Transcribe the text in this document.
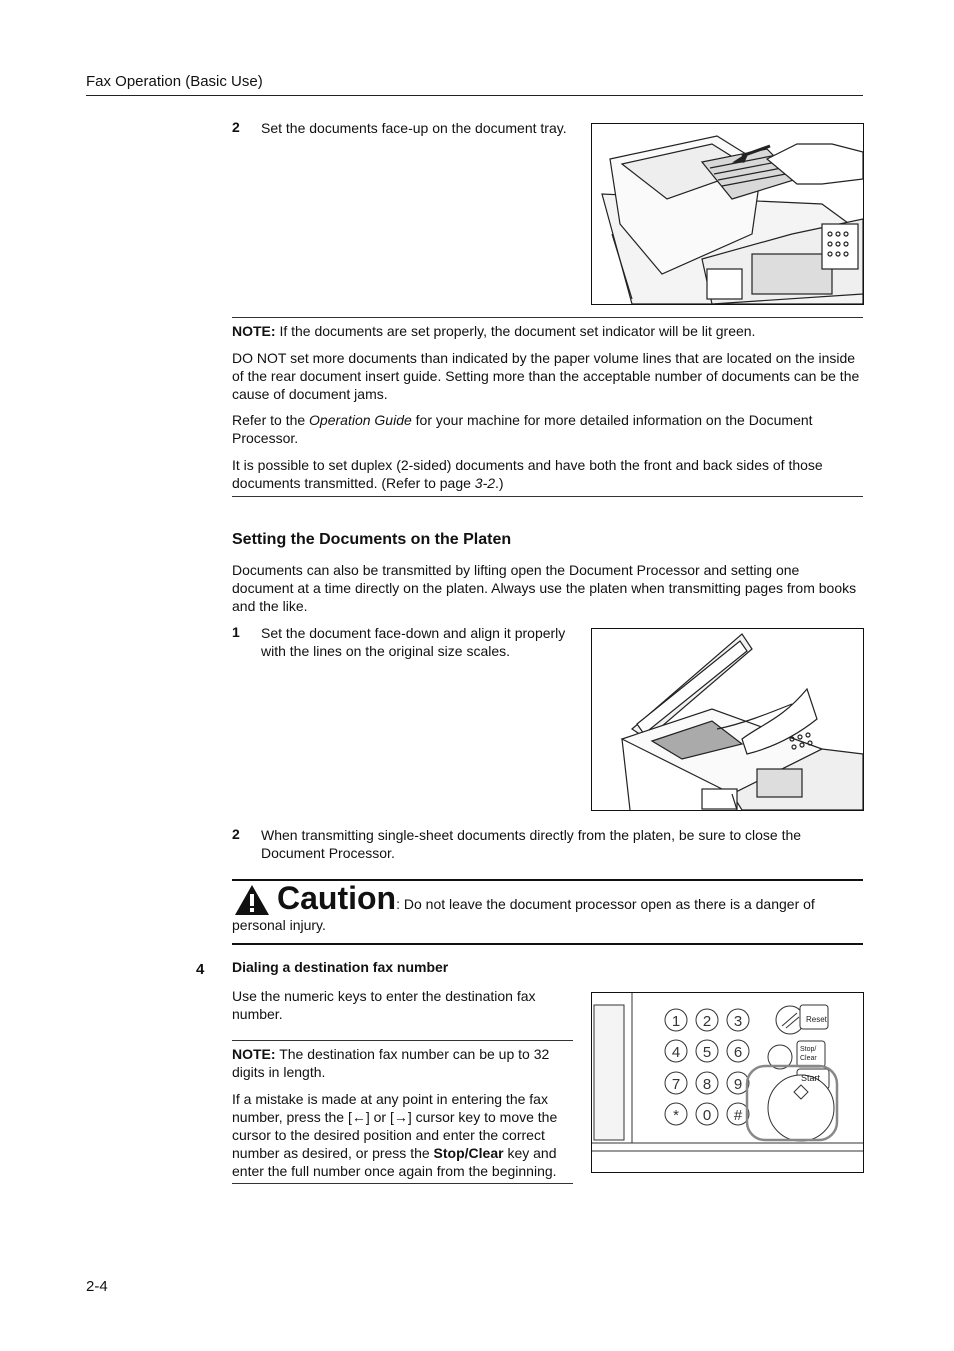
Fax Operation (Basic Use)
2 Set the documents face-up on the document tray.
NOTE: If the documents are set properly, the document set indicator will be lit green.
DO NOT set more documents than indicated by the paper volume lines that are located on the inside of the rear document insert guide. Setting more than the acceptable number of documents can be the cause of document jams.
Refer to the Operation Guide for your machine for more detailed information on the Document Processor.
It is possible to set duplex (2-sided) documents and have both the front and back sides of those documents transmitted. (Refer to page 3-2.)
Setting the Documents on the Platen
Documents can also be transmitted by lifting open the Document Processor and setting one document at a time directly on the platen. Always use the platen when transmitting pages from books and the like.
1 Set the document face-down and align it properly with the lines on the original size scales.
2 When transmitting single-sheet documents directly from the platen, be sure to close the Document Processor.
Caution: Do not leave the document processor open as there is a danger of
personal injury.
4 Dialing a destination fax number
Use the numeric keys to enter the destination fax number.
NOTE: The destination fax number can be up to 32 digits in length.
If a mistake is made at any point in entering the fax number, press the [←] or [→] cursor key to move the cursor to the desired position and enter the correct number as desired, or press the Stop/Clear key and enter the full number once again from the beginning.
1 2 3
4 5 6
7 8 9
* 0 #
Reset
Stop/
Clear
Start
2-4
